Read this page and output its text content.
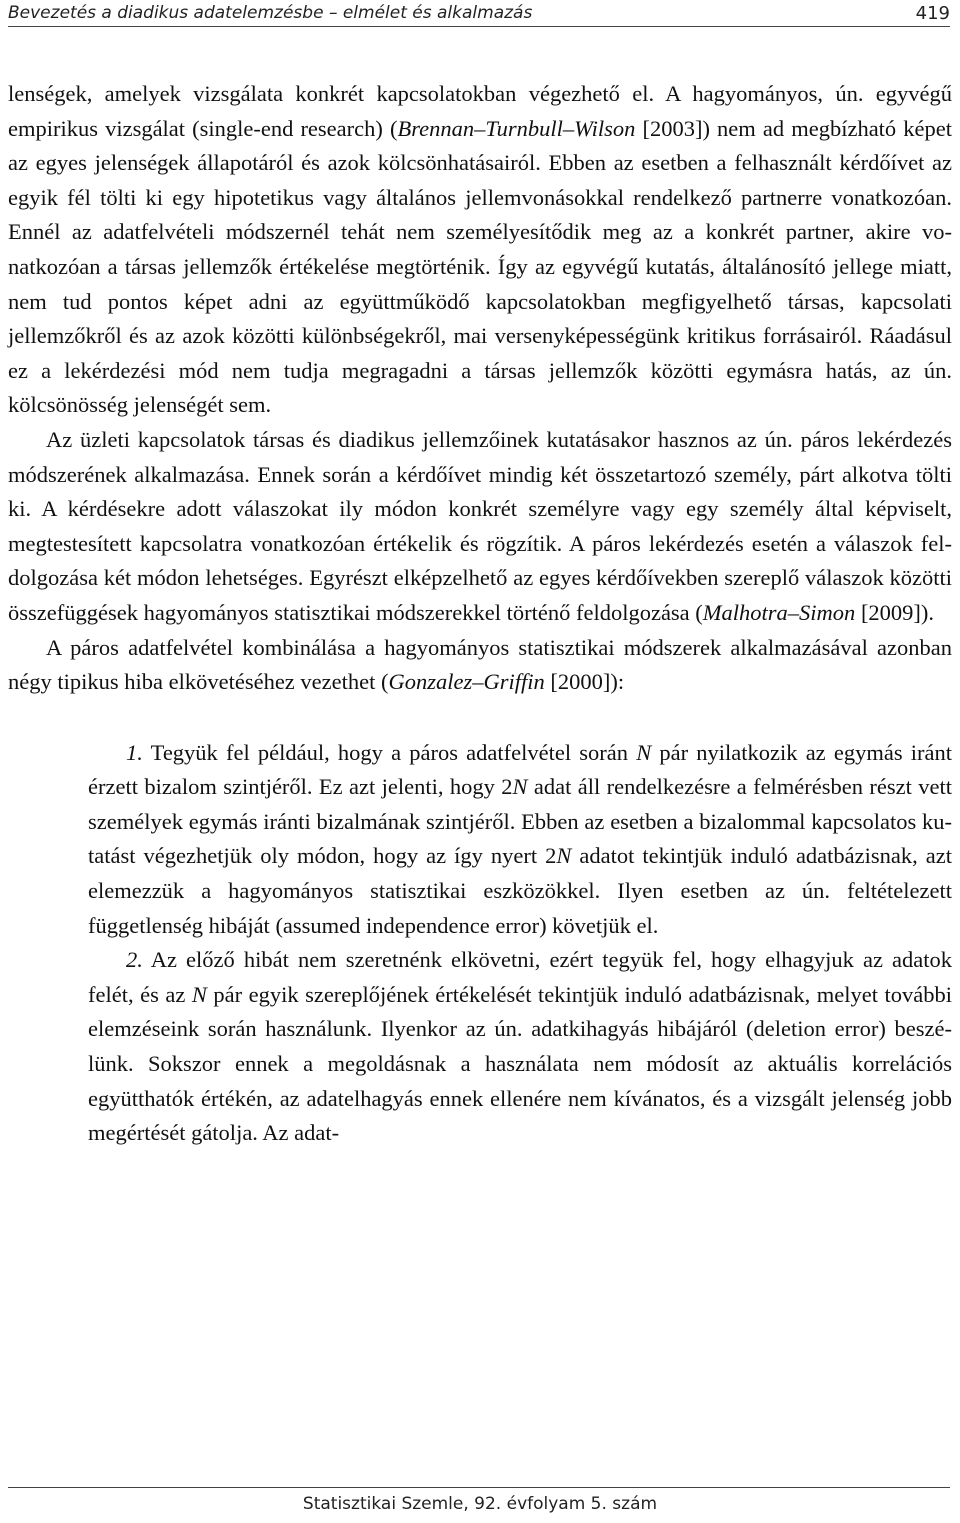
Bevezetés a diadikus adatelemzésbe – elmélet és alkalmazás	419

lenségek, amelyek vizsgálata konkrét kapcsolatokban végezhető el. A hagyományos, ún. egyvégű empirikus vizsgálat (single-end research) (Brennan–Turnbull–Wilson [2003]) nem ad megbízható képet az egyes jelenségek állapotáról és azok kölcsönhatásairól. Ebben az esetben a felhasznált kérdőívet az egyik fél tölti ki egy hipotetikus vagy általános jellemvonásokkal rendelkező partnerre vonatkozóan. Ennél az adatfelvételi módszernél tehát nem személyesítődik meg az a konkrét partner, akire vonatkozóan a társas jellemzők értékelése megtörténik. Így az egyvégű kutatás, általánosító jellege miatt, nem tud pontos képet adni az együttműködő kapcsolatokban megfigyelhető társas, kapcsolati jellemzőkről és az azok közötti különbségekről, mai versenyképességünk kritikus forrásairól. Ráadásul ez a lekérdezési mód nem tudja megragadni a társas jellemzők közötti egymásra hatás, az ún. kölcsönösség jelenségét sem.

Az üzleti kapcsolatok társas és diadikus jellemzőinek kutatásakor hasznos az ún. páros lekérdezés módszerének alkalmazása. Ennek során a kérdőívet mindig két összetartozó személy, párt alkotva tölti ki. A kérdésekre adott válaszokat ily módon konkrét személyre vagy egy személy által képviselt, megtestesített kapcsolatra vonatkozóan értékelik és rögzítik. A páros lekérdezés esetén a válaszok feldolgozása két módon lehetséges. Egyrészt elképzelhető az egyes kérdőívekben szereplő válaszok közötti összefüggések hagyományos statisztikai módszerekkel történő feldolgozása (Malhotra–Simon [2009]).

A páros adatfelvétel kombinálása a hagyományos statisztikai módszerek alkalmazásával azonban négy tipikus hiba elkövetéséhez vezethet (Gonzalez–Griffin [2000]):

1. Tegyük fel például, hogy a páros adatfelvétel során N pár nyilatkozik az egymás iránt érzett bizalom szintjéről. Ez azt jelenti, hogy 2N adat áll rendelkezésre a felmérésben részt vett személyek egymás iránti bizalmának szintjéről. Ebben az esetben a bizalommal kapcsolatos kutatást végezhetjük oly módon, hogy az így nyert 2N adatot tekintjük induló adatbázisnak, azt elemezzük a hagyományos statisztikai eszközökkel. Ilyen esetben az ún. feltételezett függetlenség hibáját (assumed independence error) követjük el.
2. Az előző hibát nem szeretnénk elkövetni, ezért tegyük fel, hogy elhagyjuk az adatok felét, és az N pár egyik szereplőjének értékelését tekintjük induló adatbázisnak, melyet további elemzéseink során használunk. Ilyenkor az ún. adatkihagyás hibájáról (deletion error) beszélünk. Sokszor ennek a megoldásnak a használata nem módosít az aktuális korrelációs együtthatók értékén, az adatelhagyás ennek ellenére nem kívánatos, és a vizsgált jelenség jobb megértését gátolja. Az adat-
Statisztikai Szemle, 92. évfolyam 5. szám
